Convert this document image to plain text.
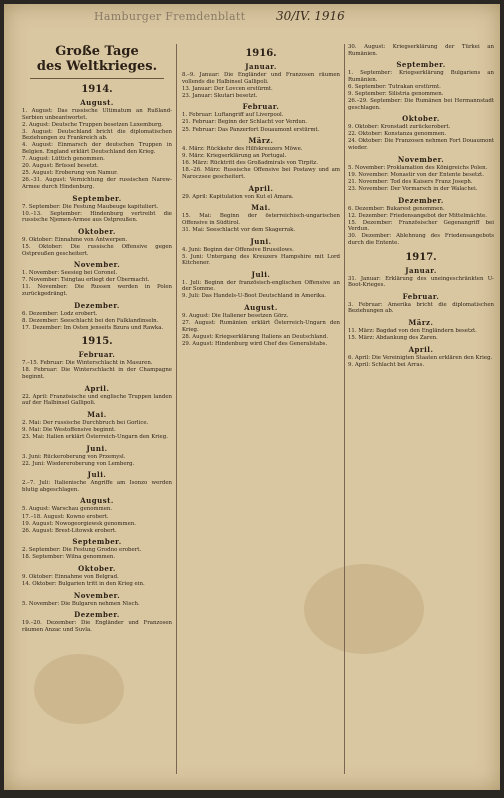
Hamburger Fremdenblatt	30/IV. 1916
Große Tage
des Weltkrieges.
1914.
August.
1. August: Das russische Ultimatum an Rußland-Serbien unbeantwortet.
2. August: Deutsche Truppen besetzen Luxemburg.
3. August: Deutschland bricht die diplomatischen Beziehungen zu Frankreich ab.
4. August: Einmarsch der deutschen Truppen in Belgien. England erklärt Deutschland den Krieg.
7. August: Lüttich genommen.
20. August: Brüssel besetzt.
25. August: Eroberung von Namur.
26.–31. August: Vernichtung der russischen Narew-Armee durch Hindenburg.
September.
7. September: Die Festung Maubeuge kapituliert.
10.–13. September: Hindenburg vertreibt die russische Njemen-Armee aus Ostpreußen.
Oktober.
9. Oktober: Einnahme von Antwerpen.
15. Oktober: Die russische Offensive gegen Ostpreußen gescheitert.
November.
1. November: Seesieg bei Coronel.
7. November: Tsingtau erliegt der Übermacht.
11. November: Die Russen werden in Polen zurückgedrängt.
Dezember.
6. Dezember: Lodz erobert.
8. Dezember: Seeschlacht bei den Falklandinseln.
17. Dezember: Im Osten jenseits Bzura und Rawka.
1915.
Februar.
7.–15. Februar: Die Winterschlacht in Masuren.
18. Februar: Die Winterschlacht in der Champagne beginnt.
April.
22. April: Französische und englische Truppen landen auf der Halbinsel Gallipoli.
Mai.
2. Mai: Der russische Durchbruch bei Gorlice.
9. Mai: Die Westoffensive beginnt.
23. Mai: Italien erklärt Österreich-Ungarn den Krieg.
Juni.
3. Juni: Rückeroberung von Przemysl.
22. Juni: Wiedereroberung von Lemberg.
Juli.
2.–7. Juli: Italienische Angriffe am Isonzo werden blutig abgeschlagen.
August.
5. August: Warschau genommen.
17.–18. August: Kowno erobert.
19. August: Nowogeorgiewsk genommen.
26. August: Brest-Litowsk erobert.
September.
2. September: Die Festung Grodno erobert.
18. September: Wilna genommen.
Oktober.
9. Oktober: Einnahme von Belgrad.
14. Oktober: Bulgarien tritt in den Krieg ein.
November.
5. November: Die Bulgaren nehmen Nisch.
Dezember.
19.–20. Dezember: Die Engländer und Franzosen räumen Anzac und Suvla.
1916.
Januar.
8.–9. Januar: Die Engländer und Franzosen räumen vollends die Halbinsel Gallipoli.
13. Januar: Der Lovcen erstürmt.
23. Januar: Skutari besetzt.
Februar.
1. Februar: Luftangriff auf Liverpool.
21. Februar: Beginn der Schlacht vor Verdun.
25. Februar: Das Panzerfort Douaumont erstürmt.
März.
4. März: Rückkehr des Hilfskreuzers Möwe.
9. März: Kriegserklärung an Portugal.
16. März: Rücktritt des Großadmirals von Tirpitz.
18.–26. März: Russische Offensive bei Postawy und am Naroczsee gescheitert.
April.
29. April: Kapitulation von Kut el Amara.
Mai.
15. Mai: Beginn der österreichisch-ungarischen Offensive in Südtirol.
31. Mai: Seeschlacht vor dem Skagerrak.
Juni.
4. Juni: Beginn der Offensive Brussilows.
5. Juni: Untergang des Kreuzers Hampshire mit Lord Kitchener.
Juli.
1. Juli: Beginn der französisch-englischen Offensive an der Somme.
9. Juli: Das Handels-U-Boot Deutschland in Amerika.
August.
9. August: Die Italiener besetzen Görz.
27. August: Rumänien erklärt Österreich-Ungarn den Krieg.
28. August: Kriegserklärung Italiens an Deutschland.
29. August: Hindenburg wird Chef des Generalstabs.
30. August: Kriegserklärung der Türkei an Rumänien.
September.
1. September: Kriegserklärung Bulgariens an Rumänien.
6. September: Tutrakan erstürmt.
9. September: Silistria genommen.
26.–29. September: Die Rumänen bei Hermannstadt geschlagen.
Oktober.
9. Oktober: Kronstadt zurückerobert.
22. Oktober: Konstanza genommen.
24. Oktober: Die Franzosen nehmen Fort Douaumont wieder.
November.
5. November: Proklamation des Königreichs Polen.
19. November: Monastir von der Entente besetzt.
21. November: Tod des Kaisers Franz Joseph.
23. November: Der Vormarsch in der Walachei.
Dezember.
6. Dezember: Bukarest genommen.
12. Dezember: Friedensangebot der Mittelmächte.
15. Dezember: Französischer Gegenangriff bei Verdun.
30. Dezember: Ablehnung des Friedensangebots durch die Entente.
1917.
Januar.
31. Januar: Erklärung des uneingeschränkten U-Boot-Krieges.
Februar.
3. Februar: Amerika bricht die diplomatischen Beziehungen ab.
März.
11. März: Bagdad von den Engländern besetzt.
15. März: Abdankung des Zaren.
April.
6. April: Die Vereinigten Staaten erklären den Krieg.
9. April: Schlacht bei Arras.
